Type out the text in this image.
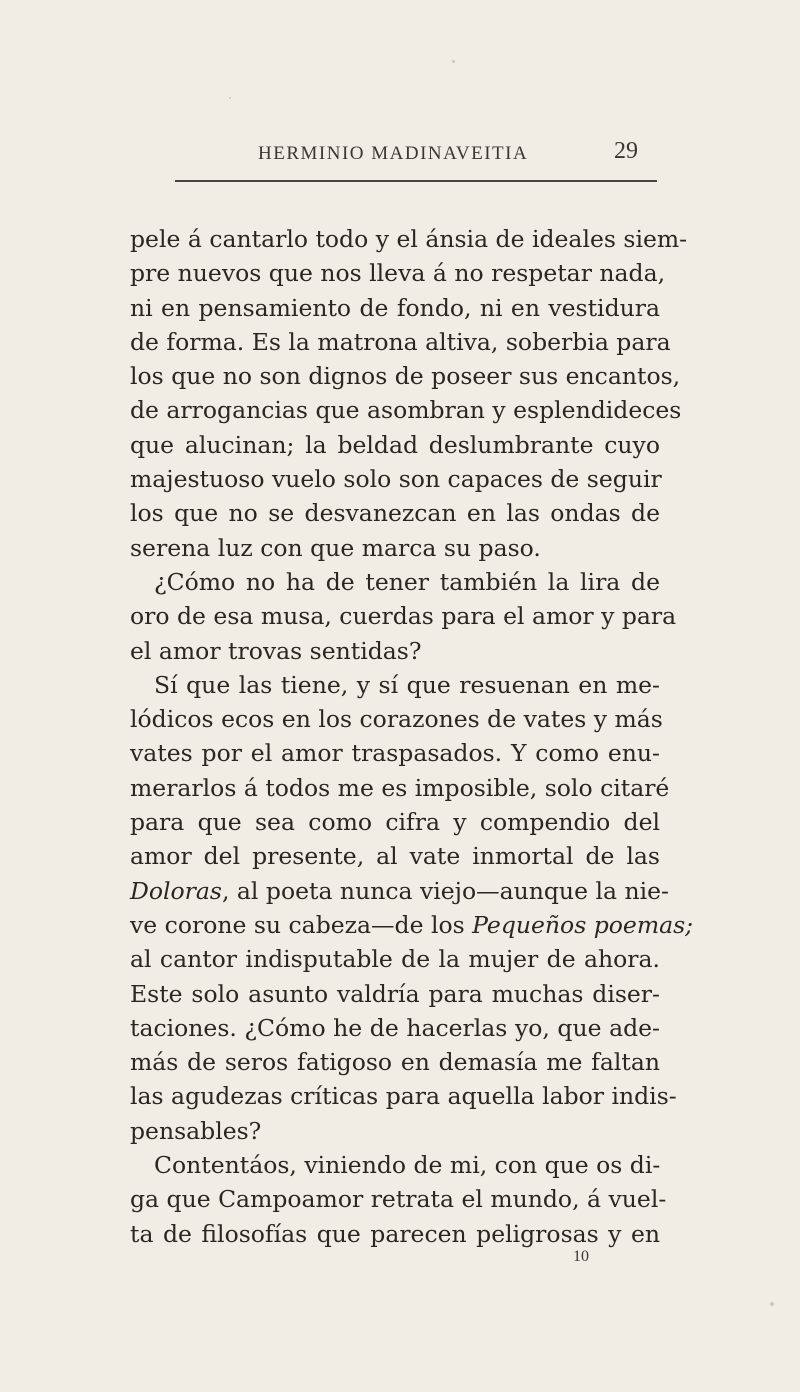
HERMINIO MADINAVEITIA	29
pele á cantarlo todo y el ánsia de ideales siem-
pre nuevos que nos lleva á no respetar nada,
ni en pensamiento de fondo, ni en vestidura
de forma. Es la matrona altiva, soberbia para
los que no son dignos de poseer sus encantos,
de arrogancias que asombran y esplendideces
que alucinan; la beldad deslumbrante cuyo
majestuoso vuelo solo son capaces de seguir
los que no se desvanezcan en las ondas de
serena luz con que marca su paso.
¿Cómo no ha de tener también la lira de
oro de esa musa, cuerdas para el amor y para
el amor trovas sentidas?
Sí que las tiene, y sí que resuenan en me-
lódicos ecos en los corazones de vates y más
vates por el amor traspasados. Y como enu-
merarlos á todos me es imposible, solo citaré
para que sea como cifra y compendio del
amor del presente, al vate inmortal de las
Doloras, al poeta nunca viejo—aunque la nie-
ve corone su cabeza—de los Pequeños poemas;
al cantor indisputable de la mujer de ahora.
Este solo asunto valdría para muchas diser-
taciones. ¿Cómo he de hacerlas yo, que ade-
más de seros fatigoso en demasía me faltan
las agudezas críticas para aquella labor indis-
pensables?
Contentáos, viniendo de mi, con que os di-
ga que Campoamor retrata el mundo, á vuel-
ta de filosofías que parecen peligrosas y en
10
